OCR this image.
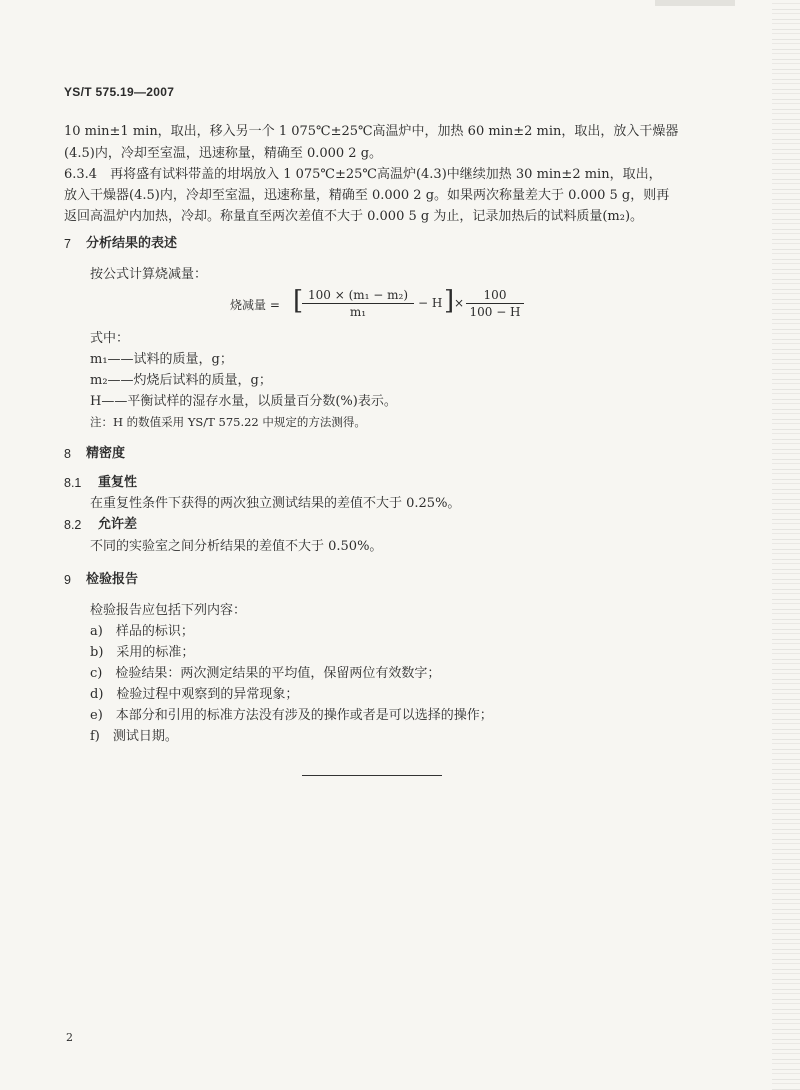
YS/T 575.19—2007
10 min±1 min，取出，移入另一个 1 075℃±25℃高温炉中，加热 60 min±2 min，取出，放入干燥器
(4.5)内，冷却至室温，迅速称量，精确至 0.000 2 g。
6.3.4　再将盛有试料带盖的坩埚放入 1 075℃±25℃高温炉(4.3)中继续加热 30 min±2 min，取出，
放入干燥器(4.5)内，冷却至室温，迅速称量，精确至 0.000 2 g。如果两次称量差大于 0.000 5 g，则再
返回高温炉内加热，冷却。称量直至两次差值不大于 0.000 5 g 为止，记录加热后的试料质量(m₂)。
7 分析结果的表述
按公式计算烧减量：
烧减量 = [ 100 × (m₁ − m₂)
m₁
− H ] ×
100
100 − H
式中：
m₁——试料的质量，g；
m₂——灼烧后试料的质量，g；
H——平衡试样的湿存水量，以质量百分数(%)表示。
注：H 的数值采用 YS/T 575.22 中规定的方法测得。
8 精密度
8.1 重复性
在重复性条件下获得的两次独立测试结果的差值不大于 0.25%。
8.2 允许差
不同的实验室之间分析结果的差值不大于 0.50%。
9 检验报告
检验报告应包括下列内容：
a)　样品的标识；
b)　采用的标准；
c)　检验结果：两次测定结果的平均值，保留两位有效数字；
d)　检验过程中观察到的异常现象；
e)　本部分和引用的标准方法没有涉及的操作或者是可以选择的操作；
f)　测试日期。
2
